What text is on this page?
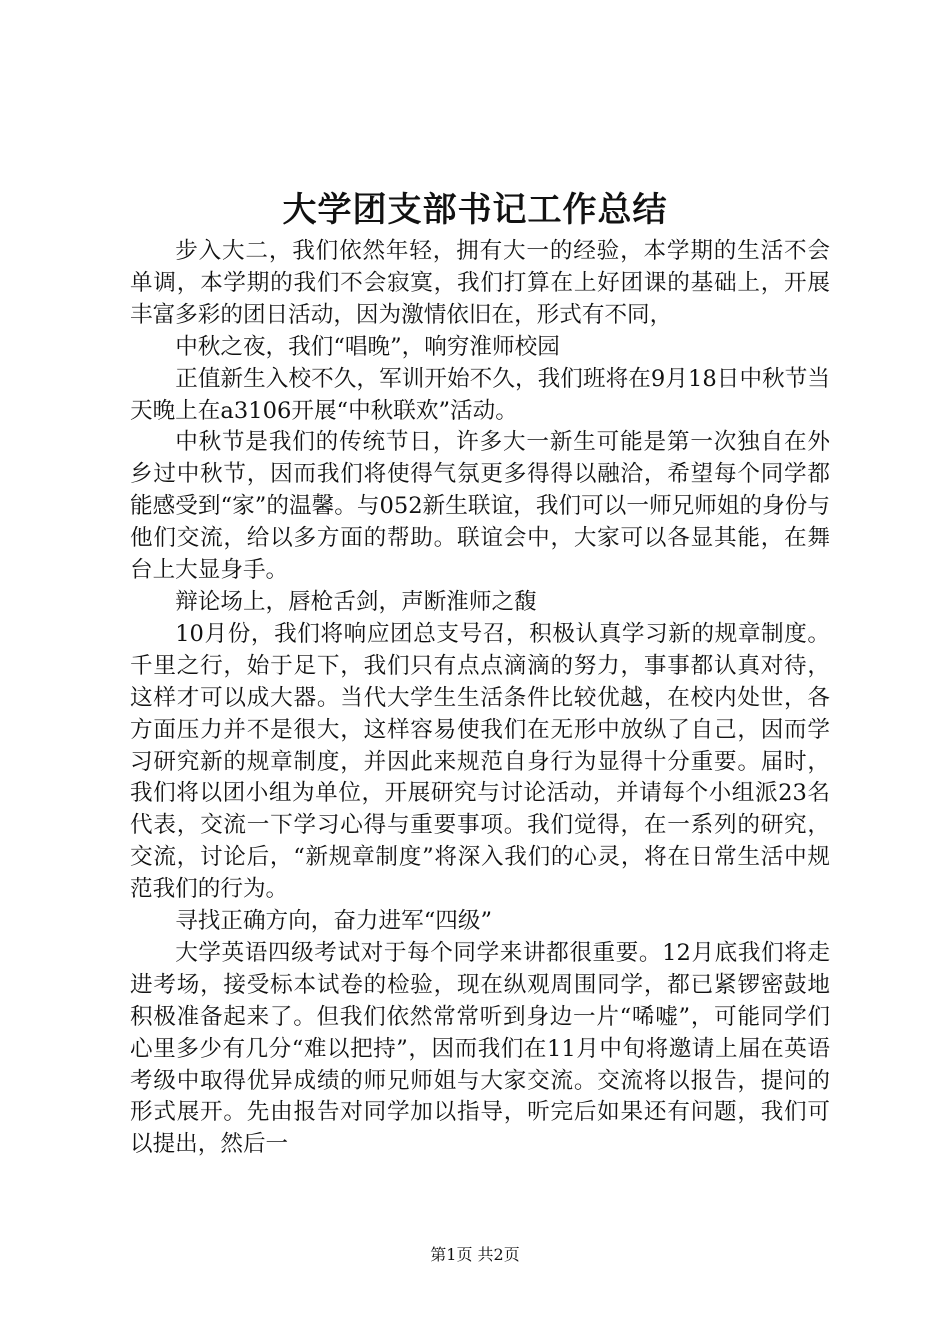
大学团支部书记工作总结

步入大二，我们依然年轻，拥有大一的经验，本学期的生活不会单调，本学期的我们不会寂寞，我们打算在上好团课的基础上，开展丰富多彩的团日活动，因为激情依旧在，形式有不同，

中秋之夜，我们“唱晚”，响穷淮师校园

正值新生入校不久，军训开始不久，我们班将在9月18日中秋节当天晚上在a3106开展“中秋联欢”活动。

中秋节是我们的传统节日，许多大一新生可能是第一次独自在外乡过中秋节，因而我们将使得气氛更多得得以融洽，希望每个同学都能感受到“家”的温馨。与052新生联谊，我们可以一师兄师姐的身份与他们交流，给以多方面的帮助。联谊会中，大家可以各显其能，在舞台上大显身手。

辩论场上，唇枪舌剑，声断淮师之馥

10月份，我们将响应团总支号召，积极认真学习新的规章制度。千里之行，始于足下，我们只有点点滴滴的努力，事事都认真对待，这样才可以成大器。当代大学生生活条件比较优越，在校内处世，各方面压力并不是很大，这样容易使我们在无形中放纵了自己，因而学习研究新的规章制度，并因此来规范自身行为显得十分重要。届时，我们将以团小组为单位，开展研究与讨论活动，并请每个小组派23名代表，交流一下学习心得与重要事项。我们觉得，在一系列的研究，交流，讨论后，“新规章制度”将深入我们的心灵，将在日常生活中规范我们的行为。

寻找正确方向，奋力进军“四级”

大学英语四级考试对于每个同学来讲都很重要。12月底我们将走进考场，接受标本试卷的检验，现在纵观周围同学，都已紧锣密鼓地积极准备起来了。但我们依然常常听到身边一片“唏嘘”，可能同学们心里多少有几分“难以把持”，因而我们在11月中旬将邀请上届在英语考级中取得优异成绩的师兄师姐与大家交流。交流将以报告，提问的形式展开。先由报告对同学加以指导，听完后如果还有问题，我们可以提出，然后一

第1页 共2页
